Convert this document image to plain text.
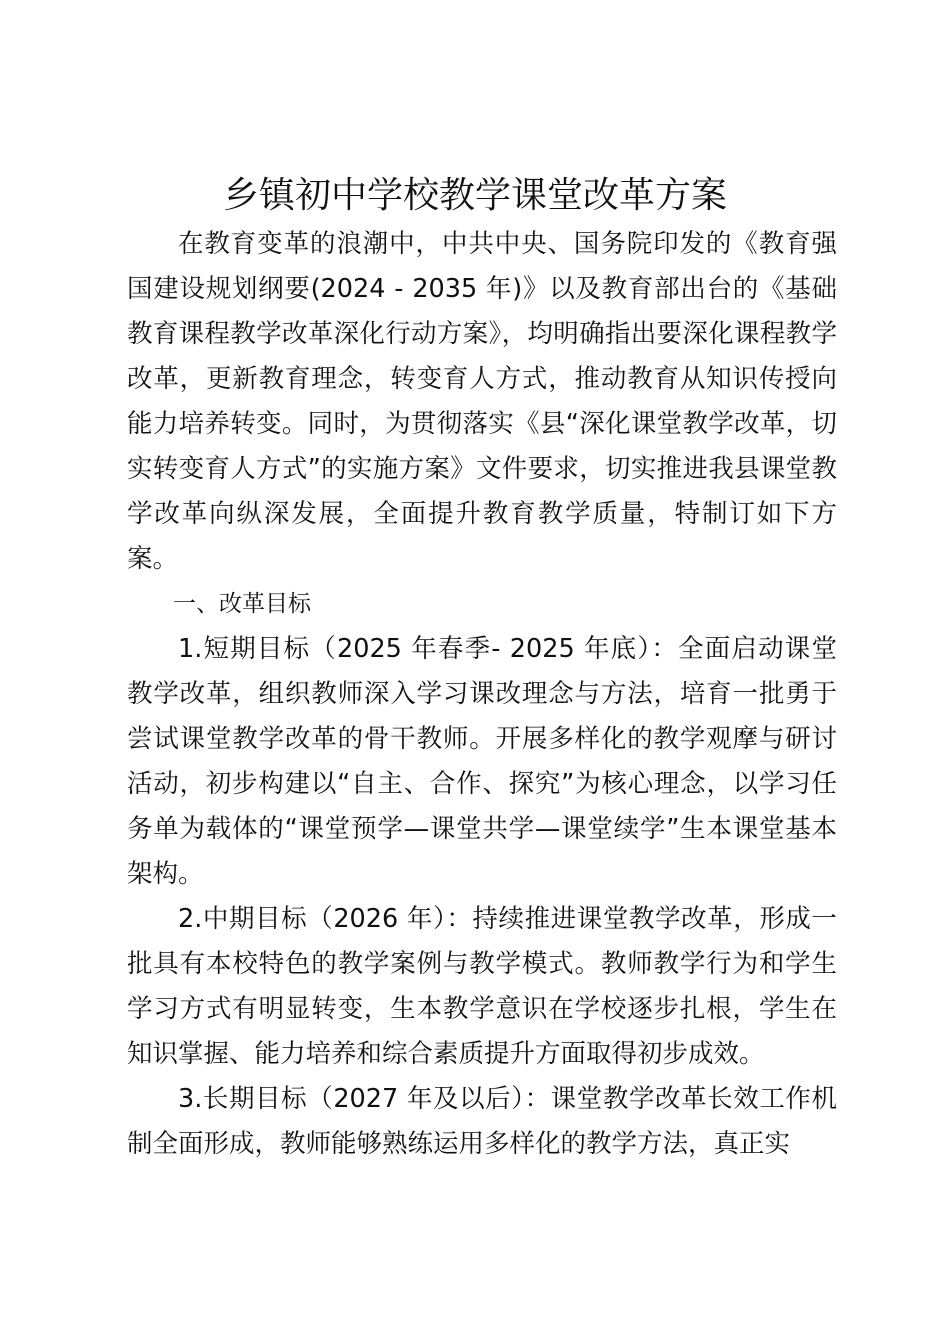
乡镇初中学校教学课堂改革方案

在教育变革的浪潮中，中共中央、国务院印发的《教育强国建设规划纲要(2024 - 2035 年)》以及教育部出台的《基础教育课程教学改革深化行动方案》，均明确指出要深化课程教学改革，更新教育理念，转变育人方式，推动教育从知识传授向能力培养转变。同时，为贯彻落实《县“深化课堂教学改革，切实转变育人方式”的实施方案》文件要求，切实推进我县课堂教学改革向纵深发展，全面提升教育教学质量，特制订如下方案。

一、改革目标

1.短期目标（2025 年春季- 2025 年底）：全面启动课堂教学改革，组织教师深入学习课改理念与方法，培育一批勇于尝试课堂教学改革的骨干教师。开展多样化的教学观摩与研讨活动，初步构建以“自主、合作、探究”为核心理念，以学习任务单为载体的“课堂预学—课堂共学—课堂续学”生本课堂基本架构。

2.中期目标（2026 年）：持续推进课堂教学改革，形成一批具有本校特色的教学案例与教学模式。教师教学行为和学生学习方式有明显转变，生本教学意识在学校逐步扎根，学生在知识掌握、能力培养和综合素质提升方面取得初步成效。

3.长期目标（2027 年及以后）：课堂教学改革长效工作机制全面形成，教师能够熟练运用多样化的教学方法，真正实
